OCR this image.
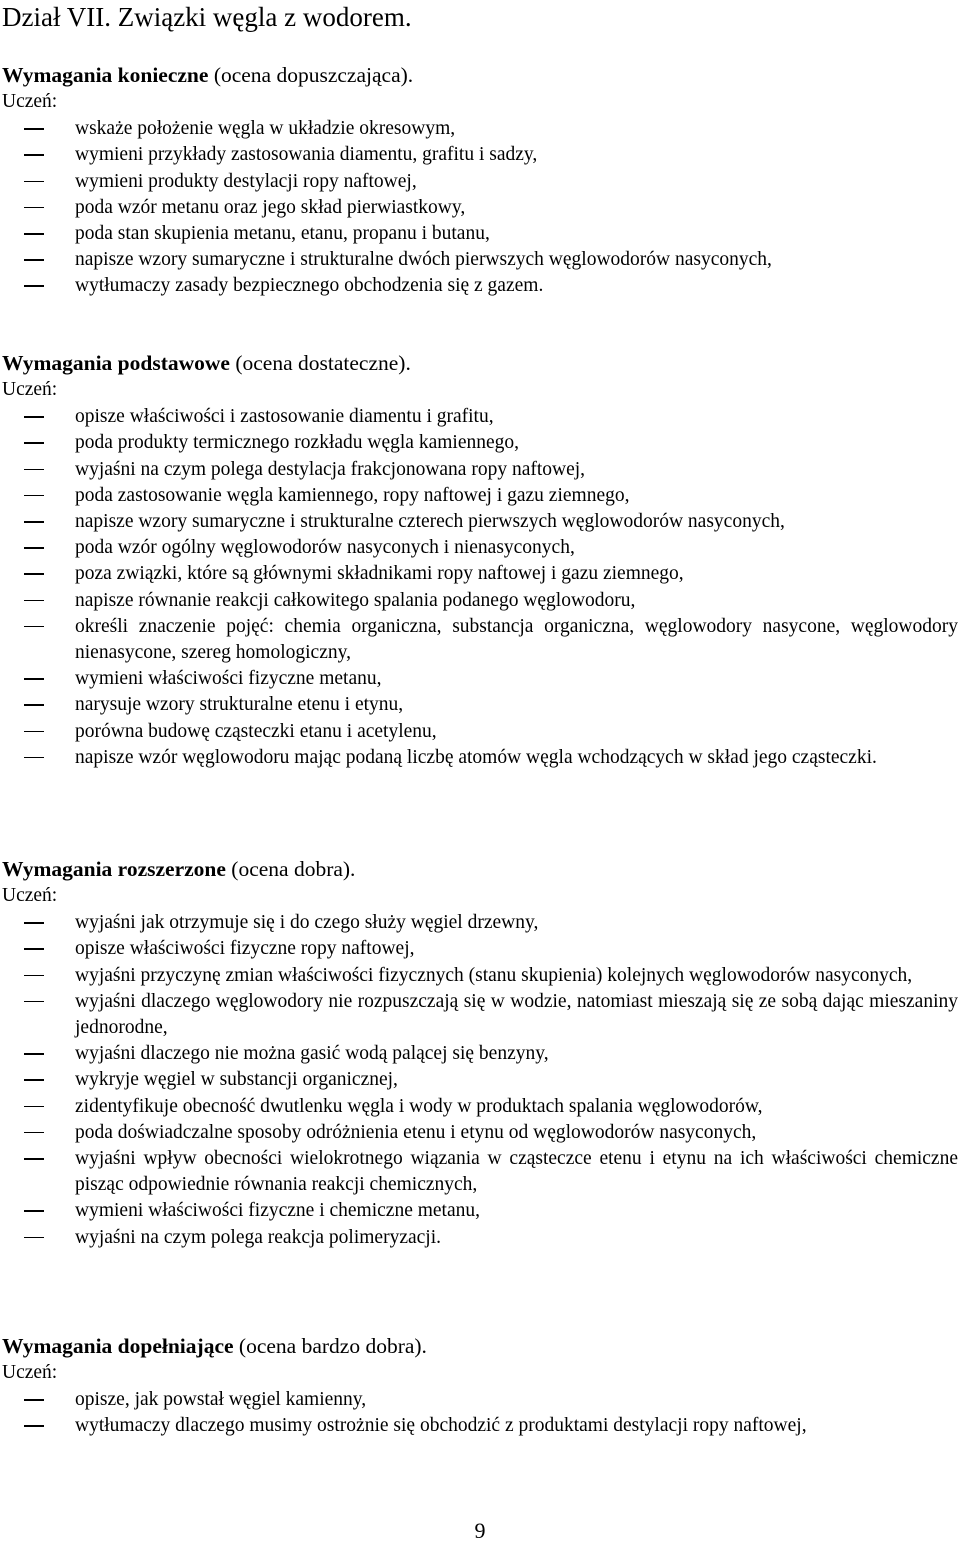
Dział VII. Związki węgla z wodorem.
Wymagania konieczne (ocena dopuszczająca).
Uczeń:
wskaże położenie węgla w układzie okresowym,
wymieni przykłady zastosowania diamentu, grafitu i sadzy,
wymieni produkty destylacji ropy naftowej,
poda wzór metanu oraz jego skład pierwiastkowy,
poda stan skupienia metanu, etanu, propanu i butanu,
napisze wzory sumaryczne i strukturalne dwóch pierwszych węglowodorów nasyconych,
wytłumaczy zasady bezpiecznego obchodzenia się z gazem.
Wymagania podstawowe (ocena dostateczne).
Uczeń:
opisze właściwości i zastosowanie diamentu i grafitu,
poda produkty termicznego rozkładu węgla kamiennego,
wyjaśni na czym polega destylacja frakcjonowana ropy naftowej,
poda zastosowanie węgla kamiennego, ropy naftowej i gazu ziemnego,
napisze wzory sumaryczne i strukturalne czterech pierwszych węglowodorów nasyconych,
poda wzór ogólny węglowodorów nasyconych i nienasyconych,
poza związki, które są głównymi składnikami ropy naftowej i gazu ziemnego,
napisze równanie reakcji całkowitego spalania podanego węglowodoru,
określi znaczenie pojęć: chemia organiczna, substancja organiczna, węglowodory nasycone, węglowodory nienasycone, szereg homologiczny,
wymieni właściwości fizyczne metanu,
narysuje wzory strukturalne etenu i etynu,
porówna budowę cząsteczki etanu i acetylenu,
napisze wzór węglowodoru mając podaną liczbę atomów węgla wchodzących w skład jego cząsteczki.
Wymagania rozszerzone (ocena dobra).
Uczeń:
wyjaśni jak otrzymuje się i do czego służy węgiel drzewny,
opisze właściwości fizyczne ropy naftowej,
wyjaśni przyczynę zmian właściwości fizycznych (stanu skupienia) kolejnych węglowodorów nasyconych,
wyjaśni dlaczego węglowodory nie rozpuszczają się w wodzie, natomiast mieszają się ze sobą dając mieszaniny jednorodne,
wyjaśni dlaczego nie można gasić wodą palącej się benzyny,
wykryje węgiel w substancji organicznej,
zidentyfikuje obecność dwutlenku węgla i wody w produktach spalania węglowodorów,
poda doświadczalne sposoby odróżnienia etenu i etynu od węglowodorów nasyconych,
wyjaśni wpływ obecności wielokrotnego wiązania w cząsteczce etenu i etynu na ich właściwości chemiczne pisząc odpowiednie równania reakcji chemicznych,
wymieni właściwości fizyczne i chemiczne metanu,
wyjaśni na czym polega reakcja polimeryzacji.
Wymagania dopełniające (ocena bardzo dobra).
Uczeń:
opisze, jak powstał węgiel kamienny,
wytłumaczy dlaczego musimy ostrożnie się obchodzić z produktami destylacji ropy naftowej,
9
